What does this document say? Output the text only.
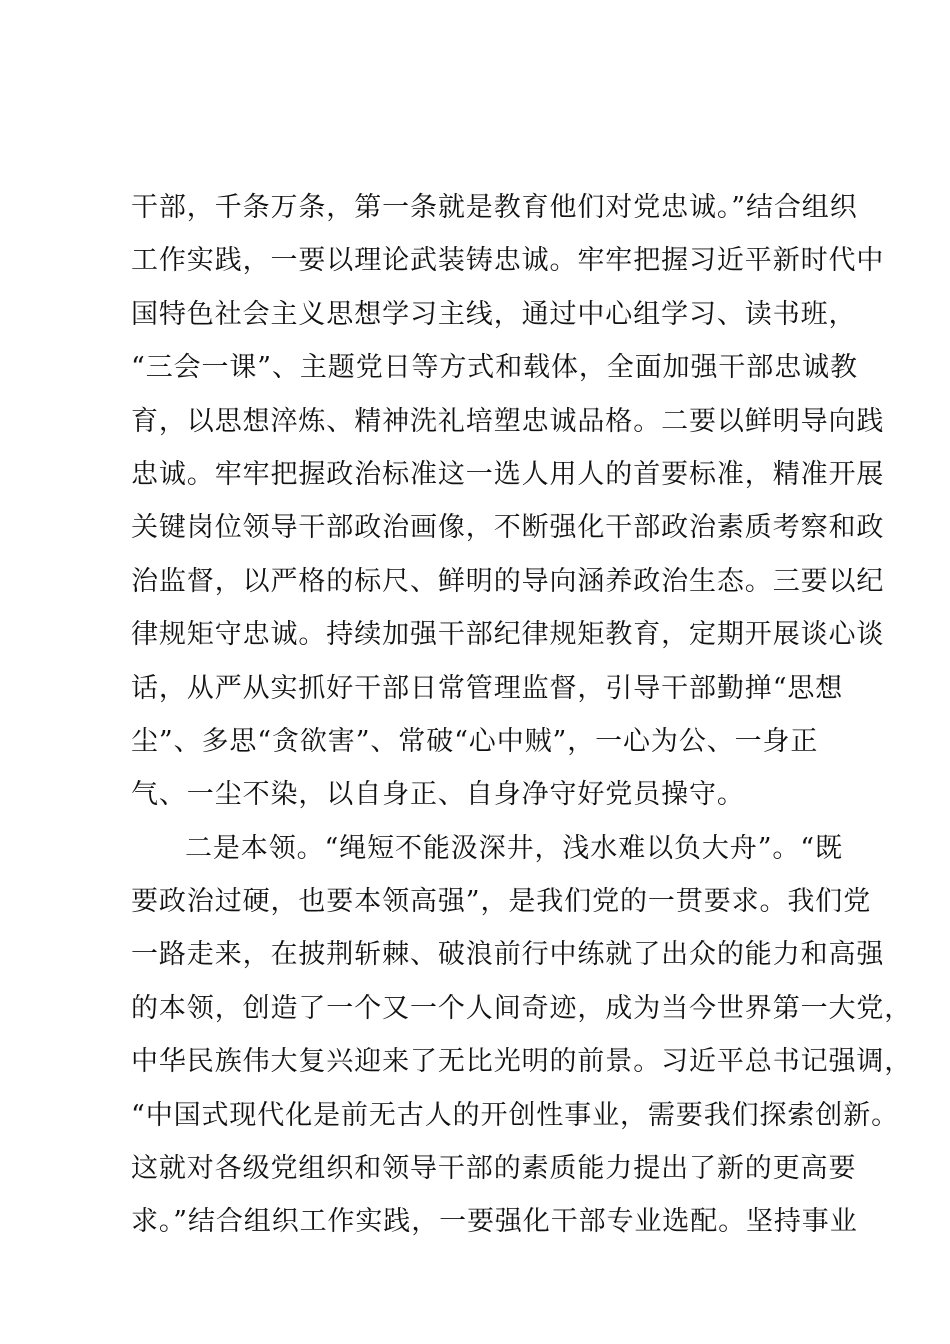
干部，千条万条，第一条就是教育他们对党忠诚。”结合组织
工作实践，一要以理论武装铸忠诚。牢牢把握习近平新时代中
国特色社会主义思想学习主线，通过中心组学习、读书班，
“三会一课”、主题党日等方式和载体，全面加强干部忠诚教
育，以思想淬炼、精神洗礼培塑忠诚品格。二要以鲜明导向践
忠诚。牢牢把握政治标准这一选人用人的首要标准，精准开展
关键岗位领导干部政治画像，不断强化干部政治素质考察和政
治监督，以严格的标尺、鲜明的导向涵养政治生态。三要以纪
律规矩守忠诚。持续加强干部纪律规矩教育，定期开展谈心谈
话，从严从实抓好干部日常管理监督，引导干部勤掸“思想
尘”、多思“贪欲害”、常破“心中贼”，一心为公、一身正
气、一尘不染，以自身正、自身净守好党员操守。
二是本领。“绳短不能汲深井，浅水难以负大舟”。“既
要政治过硬，也要本领高强”，是我们党的一贯要求。我们党
一路走来，在披荆斩棘、破浪前行中练就了出众的能力和高强
的本领，创造了一个又一个人间奇迹，成为当今世界第一大党，
中华民族伟大复兴迎来了无比光明的前景。习近平总书记强调，
“中国式现代化是前无古人的开创性事业，需要我们探索创新。
这就对各级党组织和领导干部的素质能力提出了新的更高要
求。”结合组织工作实践，一要强化干部专业选配。坚持事业
